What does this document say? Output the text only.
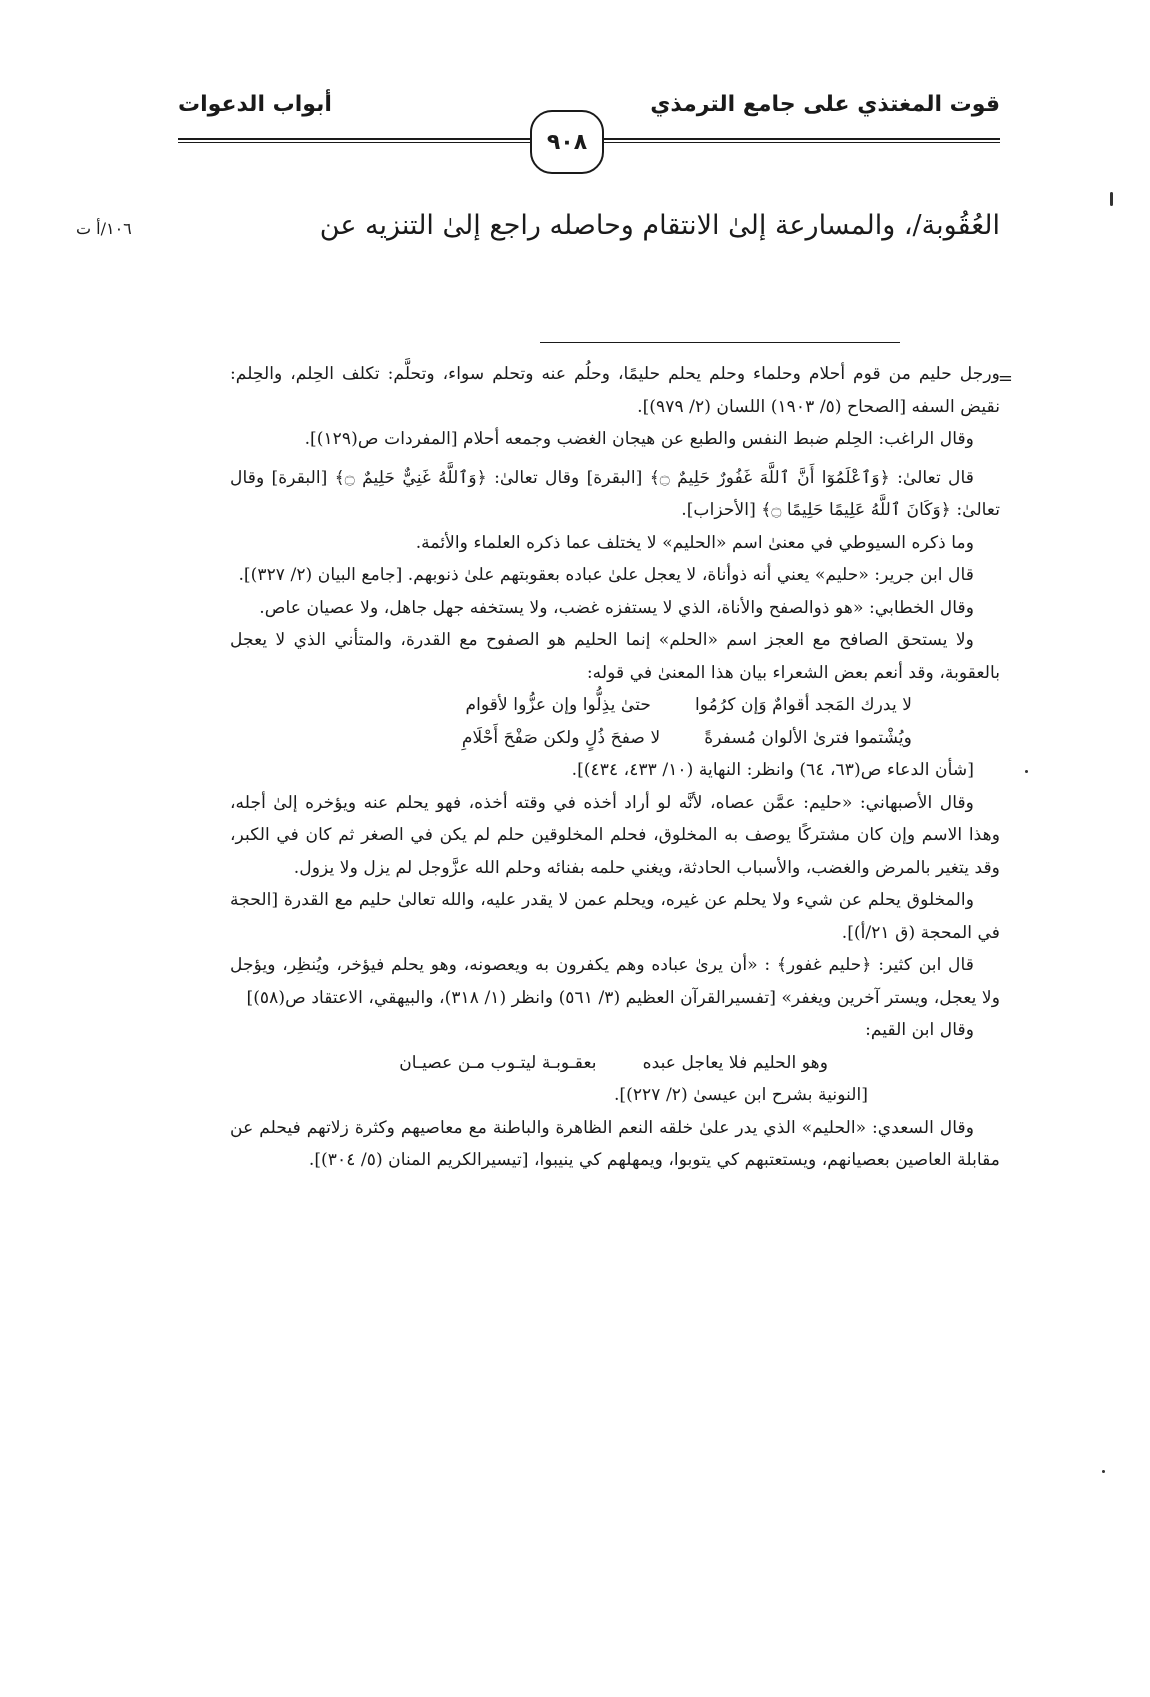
قوت المغتذي على جامع الترمذي
٩٠٨
أبواب الدعوات
العُقُوبة/، والمسارعة إلىٰ الانتقام وحاصله راجع إلىٰ التنزيه عن
١٠٦/أ ت
=

ورجل حليم من قوم أحلام وحلماء وحلم يحلم حليمًا، وحلُم عنه وتحلم سواء، وتحلَّم: تكلف الحِلم، والحِلم: نقيض السفه [الصحاح (٥/ ١٩٠٣) اللسان (٢/ ٩٧٩)].

وقال الراغب: الحِلم ضبط النفس والطبع عن هيجان الغضب وجمعه أحلام [المفردات ص(١٢٩)].

قال تعالىٰ: ﴿وَٱعْلَمُوٓا أَنَّ ٱللَّهَ غَفُورٌ حَلِيمٌ ۝﴾ [البقرة] وقال تعالىٰ: ﴿وَٱللَّهُ غَنِيٌّ حَلِيمٌ ۝﴾ [البقرة] وقال تعالىٰ: ﴿وَكَانَ ٱللَّهُ عَلِيمًا حَلِيمًا ۝﴾ [الأحزاب].

وما ذكره السيوطي في معنىٰ اسم «الحليم» لا يختلف عما ذكره العلماء والأئمة.

قال ابن جرير: «حليم» يعني أنه ذوأناة، لا يعجل علىٰ عباده بعقوبتهم علىٰ ذنوبهم. [جامع البيان (٢/ ٣٢٧)].

وقال الخطابي: «هو ذوالصفح والأناة، الذي لا يستفزه غضب، ولا يستخفه جهل جاهل، ولا عصيان عاص.

ولا يستحق الصافح مع العجز اسم «الحلم» إنما الحليم هو الصفوح مع القدرة، والمتأني الذي لا يعجل بالعقوبة، وقد أنعم بعض الشعراء بيان هذا المعنىٰ في قوله:

لا يدرك المَجد أقوامٌ وَإن كرُمُوا
حتىٰ يذِلُّوا وإن عزُّوا لأقوام
ويُشْتموا فترىٰ الألوان مُسفرةً
لا صفحَ ذُلٍ ولكن صَفْحَ أَحْلَامِ

[شأن الدعاء ص(٦٣، ٦٤) وانظر: النهاية (١٠/ ٤٣٣، ٤٣٤)].

وقال الأصبهاني: «حليم: عمَّن عصاه، لأنَّه لو أراد أخذه في وقته أخذه، فهو يحلم عنه ويؤخره إلىٰ أجله، وهذا الاسم وإن كان مشتركًا يوصف به المخلوق، فحلم المخلوقين حلم لم يكن في الصغر ثم كان في الكبر، وقد يتغير بالمرض والغضب، والأسباب الحادثة، ويغني حلمه بفنائه وحلم الله عزَّوجل لم يزل ولا يزول.

والمخلوق يحلم عن شيء ولا يحلم عن غيره، ويحلم عمن لا يقدر عليه، والله تعالىٰ حليم مع القدرة [الحجة في المحجة (ق ٢١/أ)].

قال ابن كثير: ﴿حليم غفور﴾ : «أن يرىٰ عباده وهم يكفرون به ويعصونه، وهو يحلم فيؤخر، ويُنظِر، ويؤجل ولا يعجل، ويستر آخرين ويغفر» [تفسيرالقرآن العظيم (٣/ ٥٦١) وانظر (١/ ٣١٨)، والبيهقي، الاعتقاد ص(٥٨)]

وقال ابن القيم:

وهو الحليم فلا يعاجل عبده
بعقـوبـة ليتـوب مـن عصيـان
[النونية بشرح ابن عيسىٰ (٢/ ٢٢٧)].

وقال السعدي: «الحليم» الذي يدر علىٰ خلقه النعم الظاهرة والباطنة مع معاصيهم وكثرة زلاتهم فيحلم عن مقابلة العاصين بعصيانهم، ويستعتبهم كي يتوبوا، ويمهلهم كي ينيبوا، [تيسيرالكريم المنان (٥/ ٣٠٤)].
